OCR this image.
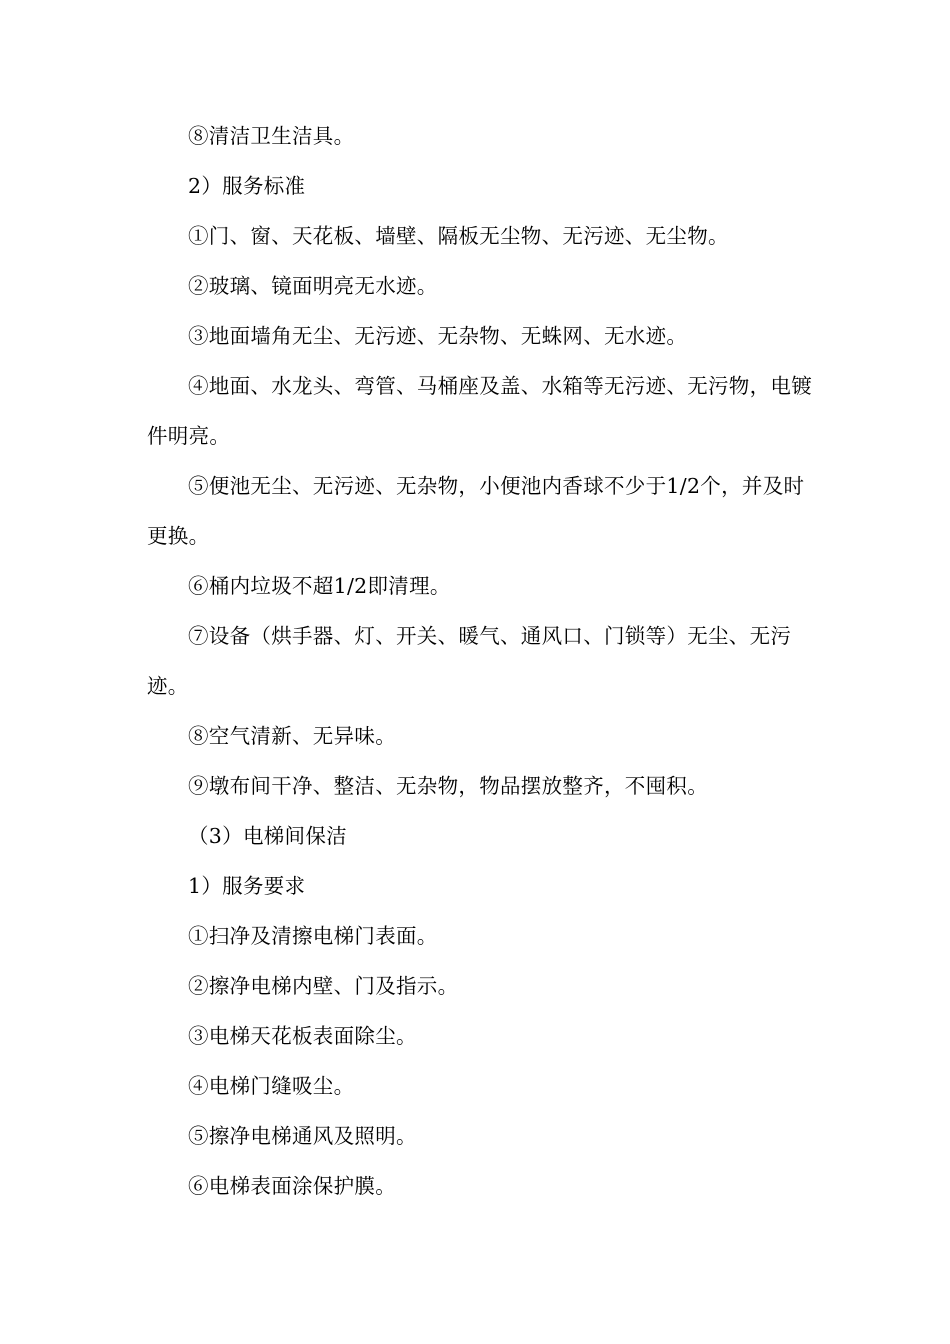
⑧清洁卫生洁具。

2）服务标准

①门、窗、天花板、墙壁、隔板无尘物、无污迹、无尘物。

②玻璃、镜面明亮无水迹。

③地面墙角无尘、无污迹、无杂物、无蛛网、无水迹。

④地面、水龙头、弯管、马桶座及盖、水箱等无污迹、无污物，电镀件明亮。

⑤便池无尘、无污迹、无杂物，小便池内香球不少于1/2个，并及时更换。

⑥桶内垃圾不超1/2即清理。

⑦设备（烘手器、灯、开关、暖气、通风口、门锁等）无尘、无污迹。

⑧空气清新、无异味。

⑨墩布间干净、整洁、无杂物，物品摆放整齐，不囤积。

（3）电梯间保洁

1）服务要求

①扫净及清擦电梯门表面。

②擦净电梯内壁、门及指示。

③电梯天花板表面除尘。

④电梯门缝吸尘。

⑤擦净电梯通风及照明。

⑥电梯表面涂保护膜。
